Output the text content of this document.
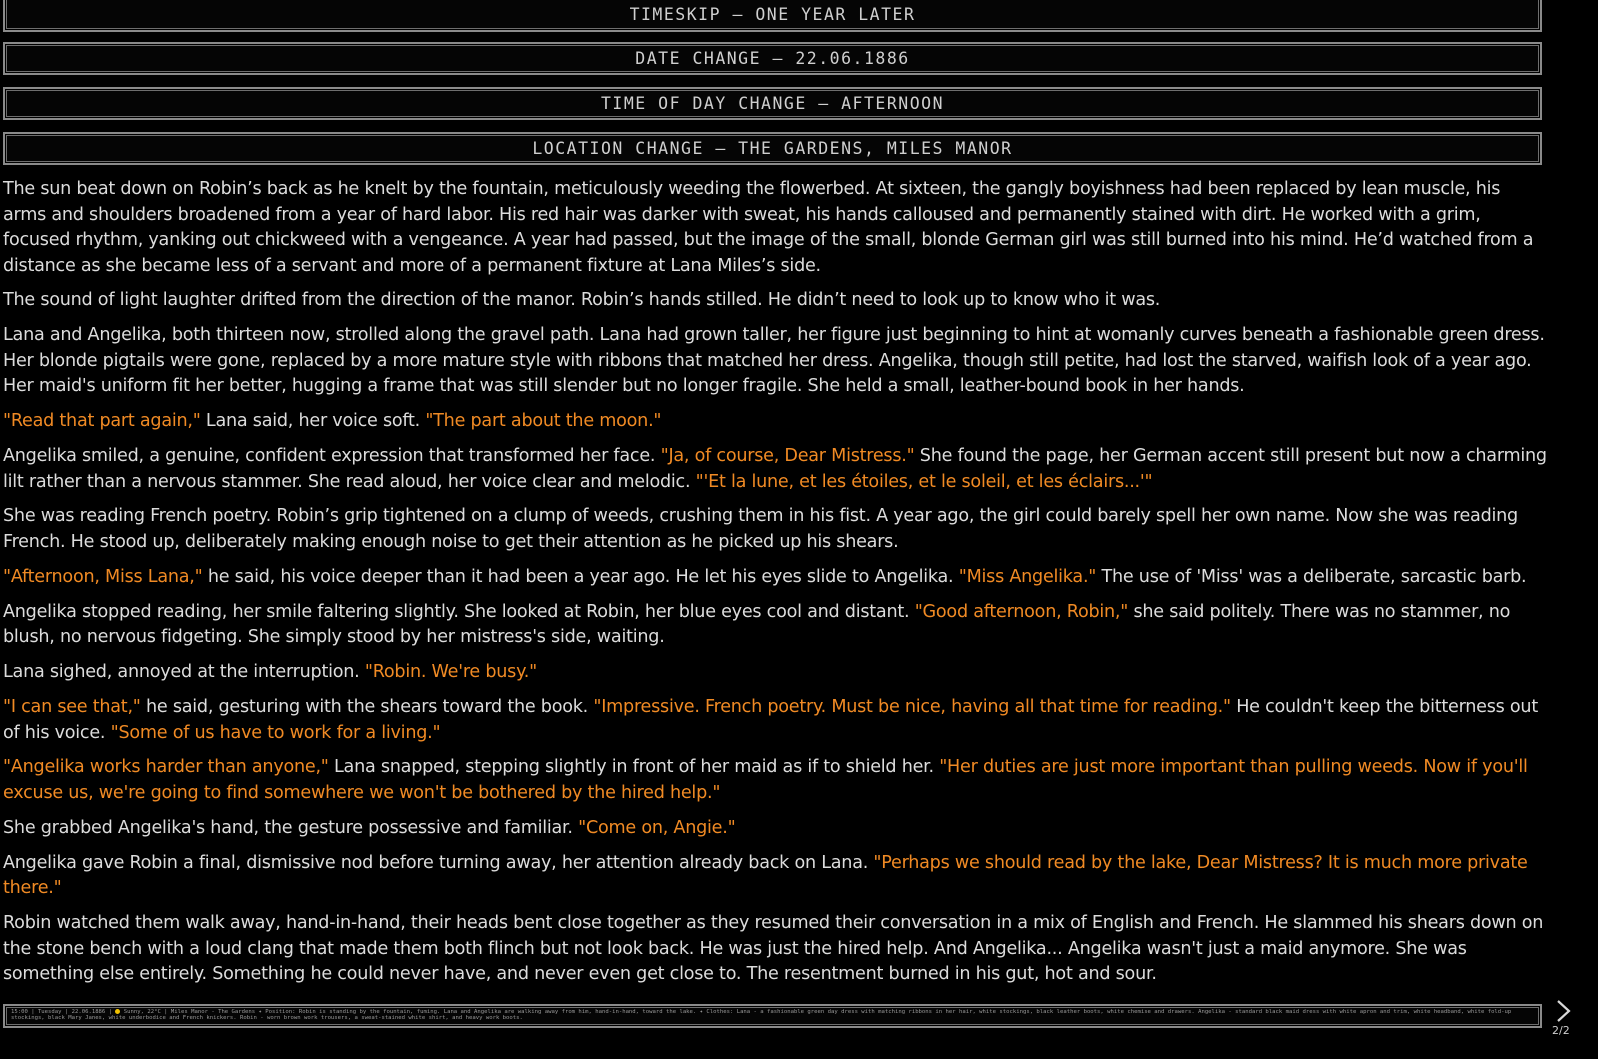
TIMESKIP – ONE YEAR LATER
DATE CHANGE – 22.06.1886
TIME OF DAY CHANGE – AFTERNOON
LOCATION CHANGE – THE GARDENS, MILES MANOR

The sun beat down on Robin’s back as he knelt by the fountain, meticulously weeding the flowerbed. At sixteen, the gangly boyishness had been replaced by lean muscle, his arms and shoulders broadened from a year of hard labor. His red hair was darker with sweat, his hands calloused and permanently stained with dirt. He worked with a grim, focused rhythm, yanking out chickweed with a vengeance. A year had passed, but the image of the small, blonde German girl was still burned into his mind. He’d watched from a distance as she became less of a servant and more of a permanent fixture at Lana Miles’s side.

The sound of light laughter drifted from the direction of the manor. Robin’s hands stilled. He didn’t need to look up to know who it was.

Lana and Angelika, both thirteen now, strolled along the gravel path. Lana had grown taller, her figure just beginning to hint at womanly curves beneath a fashionable green dress. Her blonde pigtails were gone, replaced by a more mature style with ribbons that matched her dress. Angelika, though still petite, had lost the starved, waifish look of a year ago. Her maid's uniform fit her better, hugging a frame that was still slender but no longer fragile. She held a small, leather-bound book in her hands.

"Read that part again," Lana said, her voice soft. "The part about the moon."

Angelika smiled, a genuine, confident expression that transformed her face. "Ja, of course, Dear Mistress." She found the page, her German accent still present but now a charming lilt rather than a nervous stammer. She read aloud, her voice clear and melodic. "'Et la lune, et les étoiles, et le soleil, et les éclairs...'"

She was reading French poetry. Robin’s grip tightened on a clump of weeds, crushing them in his fist. A year ago, the girl could barely spell her own name. Now she was reading French. He stood up, deliberately making enough noise to get their attention as he picked up his shears.

"Afternoon, Miss Lana," he said, his voice deeper than it had been a year ago. He let his eyes slide to Angelika. "Miss Angelika." The use of 'Miss' was a deliberate, sarcastic barb.

Angelika stopped reading, her smile faltering slightly. She looked at Robin, her blue eyes cool and distant. "Good afternoon, Robin," she said politely. There was no stammer, no blush, no nervous fidgeting. She simply stood by her mistress's side, waiting.

Lana sighed, annoyed at the interruption. "Robin. We're busy."

"I can see that," he said, gesturing with the shears toward the book. "Impressive. French poetry. Must be nice, having all that time for reading." He couldn't keep the bitterness out of his voice. "Some of us have to work for a living."

"Angelika works harder than anyone," Lana snapped, stepping slightly in front of her maid as if to shield her. "Her duties are just more important than pulling weeds. Now if you'll excuse us, we're going to find somewhere we won't be bothered by the hired help."

She grabbed Angelika's hand, the gesture possessive and familiar. "Come on, Angie."

Angelika gave Robin a final, dismissive nod before turning away, her attention already back on Lana. "Perhaps we should read by the lake, Dear Mistress? It is much more private there."

Robin watched them walk away, hand-in-hand, their heads bent close together as they resumed their conversation in a mix of English and French. He slammed his shears down on the stone bench with a loud clang that made them both flinch but not look back. He was just the hired help. And Angelika... Angelika wasn't just a maid anymore. She was something else entirely. Something he could never have, and never even get close to. The resentment burned in his gut, hot and sour.

15:00 | Tuesday | 22.06.1886 |  Sunny, 22°C | Miles Manor - The Gardens ✦ Position: Robin is standing by the fountain, fuming. Lana and Angelika are walking away from him, hand-in-hand, toward the lake. ✦ Clothes: Lana - a fashionable green day dress with matching ribbons in her hair, white stockings, black leather boots, white chemise and drawers. Angelika - standard black maid dress with white apron and trim, white headband, white fold-up stockings, black Mary Janes, white underbodice and French knickers. Robin - worn brown work trousers, a sweat-stained white shirt, and heavy work boots.
2/2
